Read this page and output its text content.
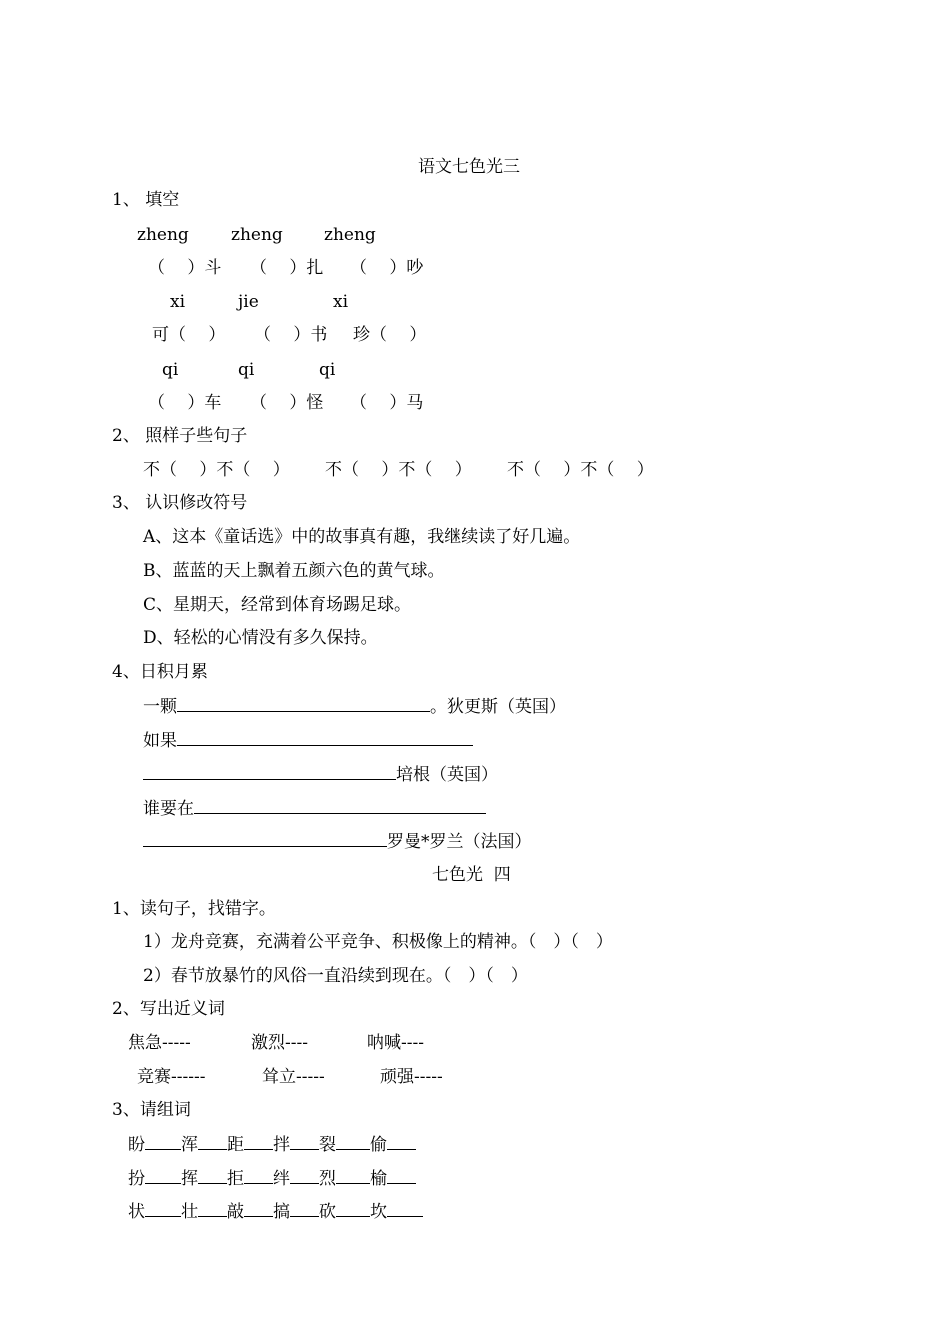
语文七色光三
1、 填空
zheng zheng zheng
（　 ）斗 （　 ）扎 （　 ）吵
xi	jie	xi
可（　 ） （　 ）书 珍（　 ）
qi	qi	qi
（　 ）车 （　 ）怪 （　 ）马
2、 照样子些句子
不（　 ）不（　 ） 不（　 ）不（　 ） 不（　 ）不（　 ）
3、 认识修改符号
A、这本《童话选》中的故事真有趣，我继续读了好几遍。
B、蓝蓝的天上飘着五颜六色的黄气球。
C、星期天，经常到体育场踢足球。
D、轻松的心情没有多久保持。
4、日积月累
一颗	。狄更斯（英国）
如果
培根（英国）
谁要在
罗曼*罗兰（法国）
七色光  四
1、读句子，找错字。
1）龙舟竞赛，充满着公平竞争、积极像上的精神。（　）（　）
2）春节放暴竹的风俗一直沿续到现在。（　）（　）
2、写出近义词
焦急-----	激烈----	呐喊----
竞赛------	耸立-----	顽强-----
3、请组词
盼 浑 距 拌 裂 偷
扮 挥 拒 绊 烈 榆
状 壮 敲 搞 砍 坎
